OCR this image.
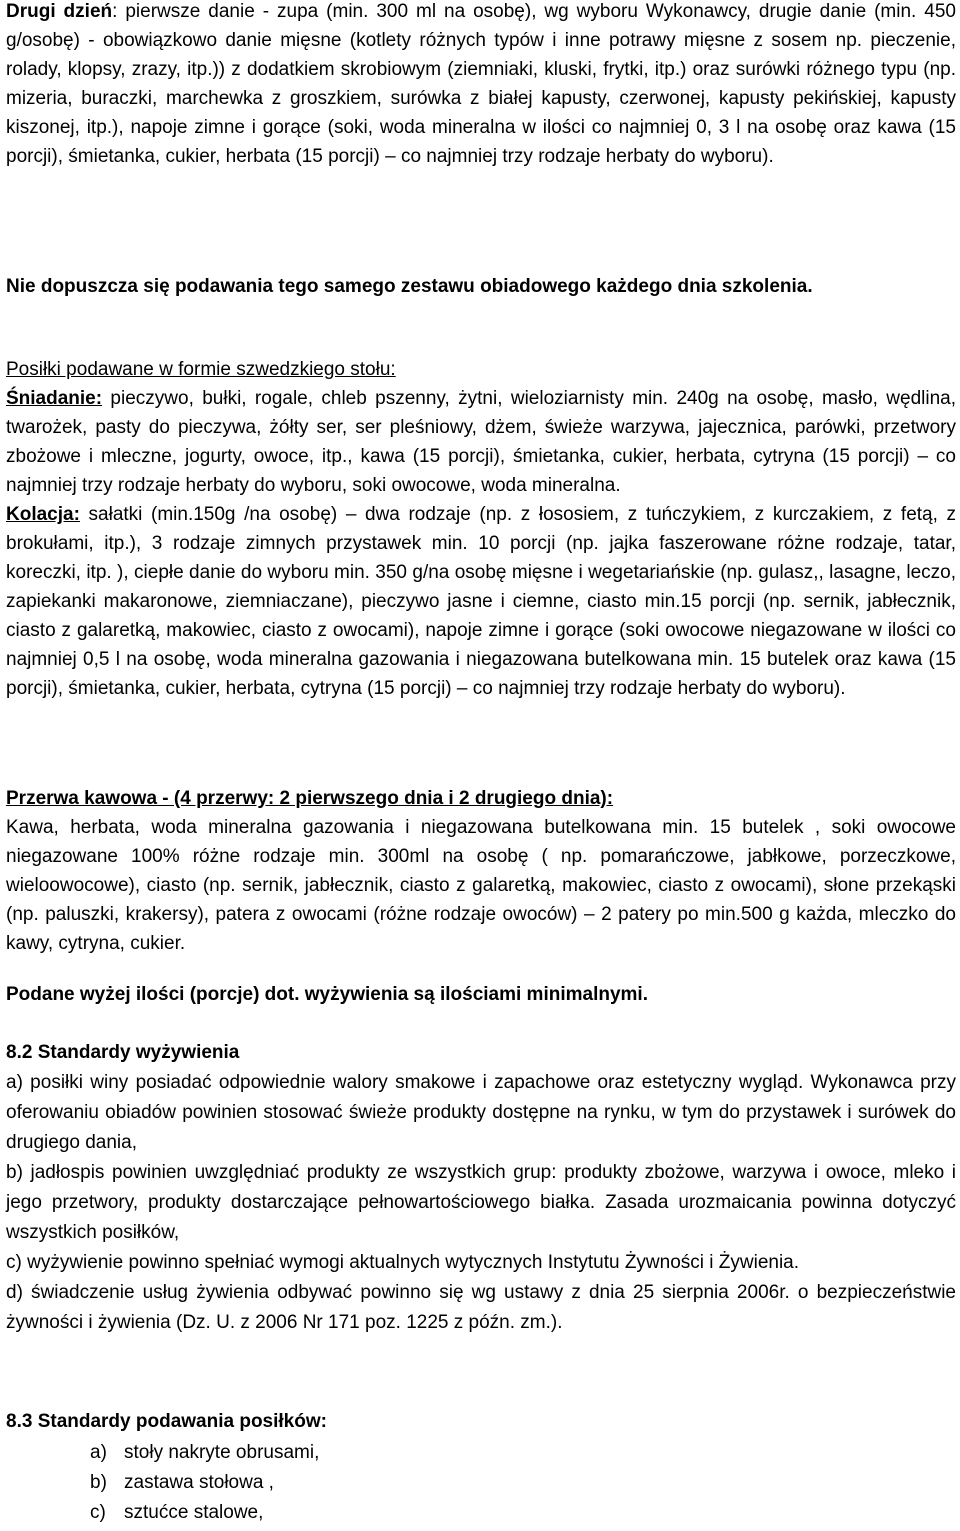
Drugi dzień: pierwsze danie - zupa (min. 300 ml na osobę), wg wyboru Wykonawcy, drugie danie (min. 450 g/osobę) - obowiązkowo danie mięsne (kotlety różnych typów i inne potrawy mięsne z sosem np. pieczenie, rolady, klopsy, zrazy, itp.)) z dodatkiem skrobiowym (ziemniaki, kluski, frytki, itp.) oraz surówki różnego typu (np. mizeria, buraczki, marchewka z groszkiem, surówka z białej kapusty, czerwonej, kapusty pekińskiej, kapusty kiszonej, itp.), napoje zimne i gorące (soki, woda mineralna w ilości co najmniej 0, 3 l na osobę oraz kawa (15 porcji), śmietanka, cukier, herbata (15 porcji) – co najmniej trzy rodzaje herbaty do wyboru).

Nie dopuszcza się podawania tego samego zestawu obiadowego każdego dnia szkolenia.

Posiłki podawane w formie szwedzkiego stołu:

Śniadanie: pieczywo, bułki, rogale, chleb pszenny, żytni, wieloziarnisty min. 240g na osobę, masło, wędlina, twarożek, pasty do pieczywa, żółty ser, ser pleśniowy, dżem, świeże warzywa, jajecznica, parówki, przetwory zbożowe i mleczne, jogurty, owoce, itp., kawa (15 porcji), śmietanka, cukier, herbata, cytryna (15 porcji) – co najmniej trzy rodzaje herbaty do wyboru, soki owocowe, woda mineralna.

Kolacja: sałatki (min.150g /na osobę) – dwa rodzaje (np. z łososiem, z tuńczykiem, z kurczakiem, z fetą, z brokułami, itp.), 3 rodzaje zimnych przystawek min. 10 porcji (np. jajka faszerowane różne rodzaje, tatar, koreczki, itp. ), ciepłe danie do wyboru min. 350 g/na osobę mięsne i wegetariańskie (np. gulasz,, lasagne, leczo, zapiekanki makaronowe, ziemniaczane), pieczywo jasne i ciemne, ciasto min.15 porcji (np. sernik, jabłecznik, ciasto z galaretką, makowiec, ciasto z owocami), napoje zimne i gorące (soki owocowe niegazowane w ilości co najmniej 0,5 l na osobę, woda mineralna gazowania i niegazowana butelkowana min. 15 butelek oraz kawa (15 porcji), śmietanka, cukier, herbata, cytryna (15 porcji) – co najmniej trzy rodzaje herbaty do wyboru).

Przerwa kawowa - (4 przerwy: 2 pierwszego dnia i 2 drugiego dnia):

Kawa, herbata, woda mineralna gazowania i niegazowana butelkowana min. 15 butelek , soki owocowe niegazowane 100% różne rodzaje min. 300ml na osobę ( np. pomarańczowe, jabłkowe, porzeczkowe, wieloowocowe), ciasto (np. sernik, jabłecznik, ciasto z galaretką, makowiec, ciasto z owocami), słone przekąski (np. paluszki, krakersy), patera z owocami (różne rodzaje owoców) – 2 patery po min.500 g każda, mleczko do kawy, cytryna, cukier.

Podane wyżej ilości (porcje) dot. wyżywienia są ilościami minimalnymi.

8.2 Standardy wyżywienia

a) posiłki winy posiadać odpowiednie walory smakowe i zapachowe oraz estetyczny wygląd. Wykonawca przy oferowaniu obiadów powinien stosować świeże produkty dostępne na rynku, w tym do przystawek i surówek do drugiego dania,

b) jadłospis powinien uwzględniać produkty ze wszystkich grup: produkty zbożowe, warzywa i owoce, mleko i jego przetwory, produkty dostarczające pełnowartościowego białka. Zasada urozmaicania powinna dotyczyć wszystkich posiłków,

c) wyżywienie powinno spełniać wymogi aktualnych wytycznych Instytutu Żywności i Żywienia.

d) świadczenie usług żywienia odbywać powinno się wg ustawy z dnia 25 sierpnia 2006r. o bezpieczeństwie żywności i żywienia (Dz. U. z 2006 Nr 171 poz. 1225 z późn. zm.).

8.3 Standardy podawania posiłków:

a) stoły nakryte obrusami,

b) zastawa stołowa ,

c) sztućce stalowe,
